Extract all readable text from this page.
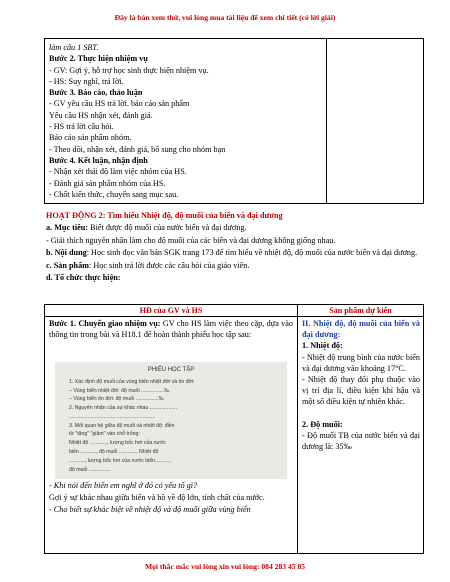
Đây là bản xem thử, vui lòng mua tài liệu để xem chi tiết (có lời giải)
làm câu 1 SBT.
Bước 2. Thực hiện nhiệm vụ
- GV: Gợi ý, hỗ trợ học sinh thực hiện nhiệm vụ.
- HS: Suy nghĩ, trả lời.
Bước 3. Báo cáo, thảo luận
- GV yêu cầu HS trả lời. báo cáo sản phẩm
Yêu cầu HS nhận xét, đánh giá.
- HS trả lời câu hỏi.
Báo cáo sản phẩm nhóm.
- Theo dõi, nhận xét, đánh giá, bổ sung cho nhóm bạn
Bước 4. Kết luận, nhận định
- Nhận xét thái độ làm việc nhóm của HS.
- Đánh giá sản phẩm nhóm của HS.
- Chốt kiến thức, chuyển sang mục sau.

HOẠT ĐỘNG 2: Tìm hiểu Nhiệt độ, độ muối của biển và đại dương

a. Mục tiêu: Biết được độ muối của nước biển và đại dương.

- Giải thích nguyên nhân làm cho độ muối của các biển và đại dương không giống nhau.

b. Nội dung: Học sinh đọc văn bản SGK trang 173 để tìm hiểu về nhiệt độ, độ muối của nước biển và đại dương.

c. Sản phẩm: Học sinh trả lời được các câu hỏi của giáo viên.

d. Tổ chức thực hiện:

HĐ của GV và HS	Sản phẩm dự kiến

Bước 1. Chuyển giao nhiệm vụ: GV cho HS làm việc theo cặp, dựa vào thông tin trong bài và H18.1 để hoàn thành phiếu học tập sau:

PHIẾU HỌC TẬP
1. Xác định độ muối của vùng biển nhiệt đới và ôn đới:
– Vùng biển nhiệt đới: độ muối ................‰
– Vùng biển ôn đới: độ muối ................‰
2. Nguyên nhân của sự khác nhau ...................
............................................................
3. Mối quan hệ giữa độ muối và nhiệt độ: điền
từ "tăng" "giảm" vào chỗ trống:
Nhiệt độ ............, lượng bốc hơi của nước
biển ..........., độ muối ............. Nhiệt độ
..........., lượng bốc hơi của nước biển..........,
độ muối ...............

- Khi nói đến biển em nghĩ ở đó có yếu tố gì?

Gợi ý sự khác nhau giữa biển và hồ về độ lớn, tính chất của nước.

- Cho biết sự khác biệt về nhiệt độ và độ muối giữa vùng biển

II. Nhiệt độ, độ muối của biển và đại dương:

1. Nhiệt độ:

- Nhiệt độ trung bình của nước biển và đại dương vào khoảng 17°C.

- Nhiệt độ thay đổi phụ thuộc vào vị trí địa lí, điều kiện khí hậu và một số điều kiện tự nhiên khác.

2. Độ muối:

- Độ muối TB của nước biển và đại dương là: 35‰

Mọi thắc mắc vui lòng xin vui lòng: 084 283 45 85
